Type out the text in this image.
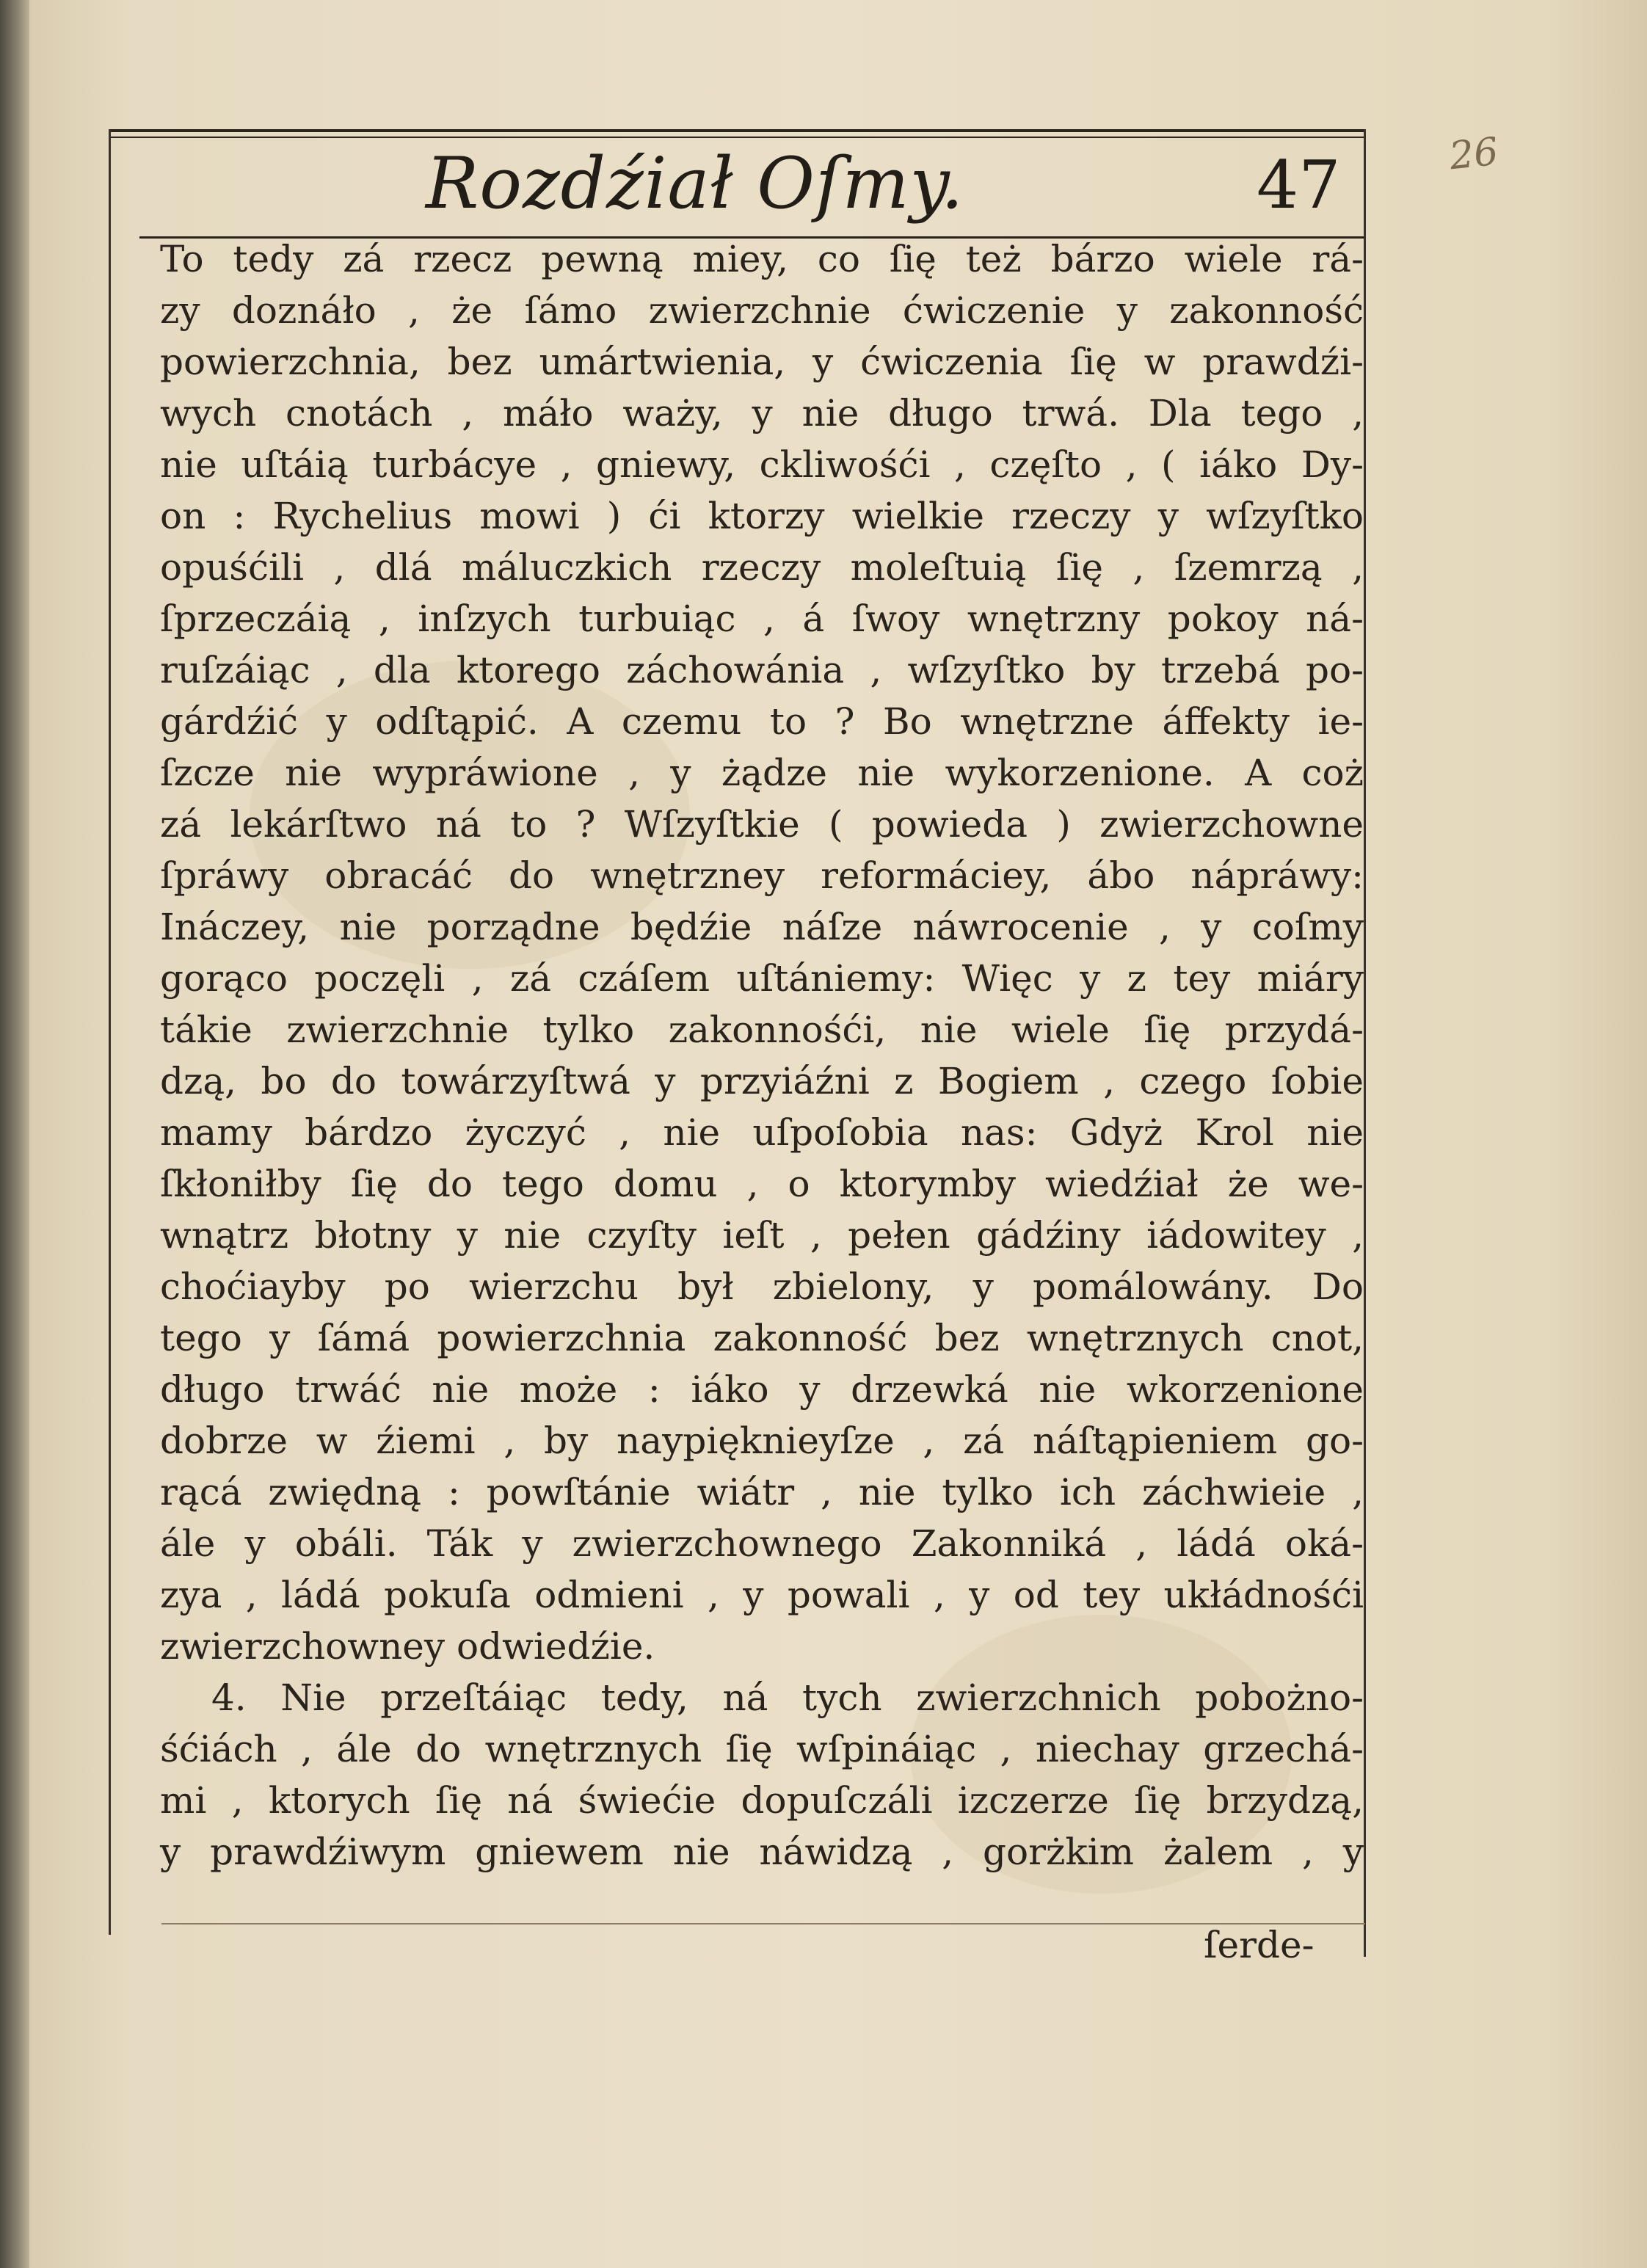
Rozdźiał Oſmy.	47	26
To tedy zá rzecz pewną miey, co ſię też bárzo wiele rá-
zy doznáło , że ſámo zwierzchnie ćwiczenie y zakonność
powierzchnia, bez umártwienia, y ćwiczenia ſię w prawdźi-
wych cnotách , máło waży, y nie długo trwá. Dla tego ,
nie uſtáią turbácye , gniewy, ckliwośći , częſto , ( iáko Dy-
on : Rychelius mowi ) ći ktorzy wielkie rzeczy y wſzyſtko
opuśćili , dlá máluczkich rzeczy moleſtuią ſię , ſzemrzą ,
ſprzeczáią , inſzych turbuiąc , á ſwoy wnętrzny pokoy ná-
ruſzáiąc , dla ktorego záchowánia , wſzyſtko by trzebá po-
gárdźić y odſtąpić. A czemu to ? Bo wnętrzne áffekty ie-
ſzcze nie wypráwione , y żądze nie wykorzenione. A coż
zá lekárſtwo ná to ? Wſzyſtkie ( powieda ) zwierzchowne
ſpráwy obracáć do wnętrzney reformáciey, ábo nápráwy:
Ináczey, nie porządne będźie náſze náwrocenie , y coſmy
gorąco poczęli , zá czáſem uſtániemy: Więc y z tey miáry
tákie zwierzchnie tylko zakonnośći, nie wiele ſię przydá-
dzą, bo do towárzyſtwá y przyiáźni z Bogiem , czego ſobie
mamy bárdzo życzyć , nie uſpoſobia nas: Gdyż Krol nie
ſkłoniłby ſię do tego domu , o ktorymby wiedźiał że we-
wnątrz błotny y nie czyſty ieſt , pełen gádźiny iádowitey ,
choćiayby po wierzchu był zbielony, y pomálowány. Do
tego y ſámá powierzchnia zakonność bez wnętrznych cnot,
długo trwáć nie może : iáko y drzewká nie wkorzenione
dobrze w źiemi , by naypięknieyſze , zá náſtąpieniem go-
rącá zwiędną : powſtánie wiátr , nie tylko ich záchwieie ,
ále y obáli. Ták y zwierzchownego Zakonniká , ládá oká-
zya , ládá pokuſa odmieni , y powali , y od tey ukłádnośći
zwierzchowney odwiedźie.
4. Nie przeſtáiąc tedy, ná tych zwierzchnich pobożno-
śćiách , ále do wnętrznych ſię wſpináiąc , niechay grzechá-
mi , ktorych ſię ná świećie dopuſczáli izczerze ſię brzydzą,
y prawdźiwym gniewem nie náwidzą , gorżkim żalem , y
ſerde-
